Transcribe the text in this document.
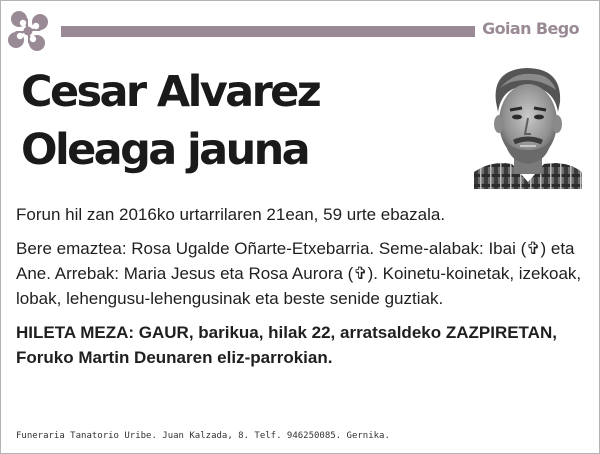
Goian Bego
Cesar Alvarez
Oleaga jauna

Forun hil zan 2016ko urtarrilaren 21ean, 59 urte ebazala.

Bere emaztea: Rosa Ugalde Oñarte-Etxebarria. Seme-alabak: Ibai (✞) eta Ane. Arrebak: Maria Jesus eta Rosa Aurora (✞). Koinetu-koinetak, izekoak, lobak, lehengusu-lehengusinak eta beste senide guztiak.

HILETA MEZA: GAUR, barikua, hilak 22, arratsaldeko ZAZPIRETAN, Foruko Martin Deunaren eliz-parrokian.

Funeraria Tanatorio Uribe. Juan Kalzada, 8. Telf. 946250085. Gernika.
